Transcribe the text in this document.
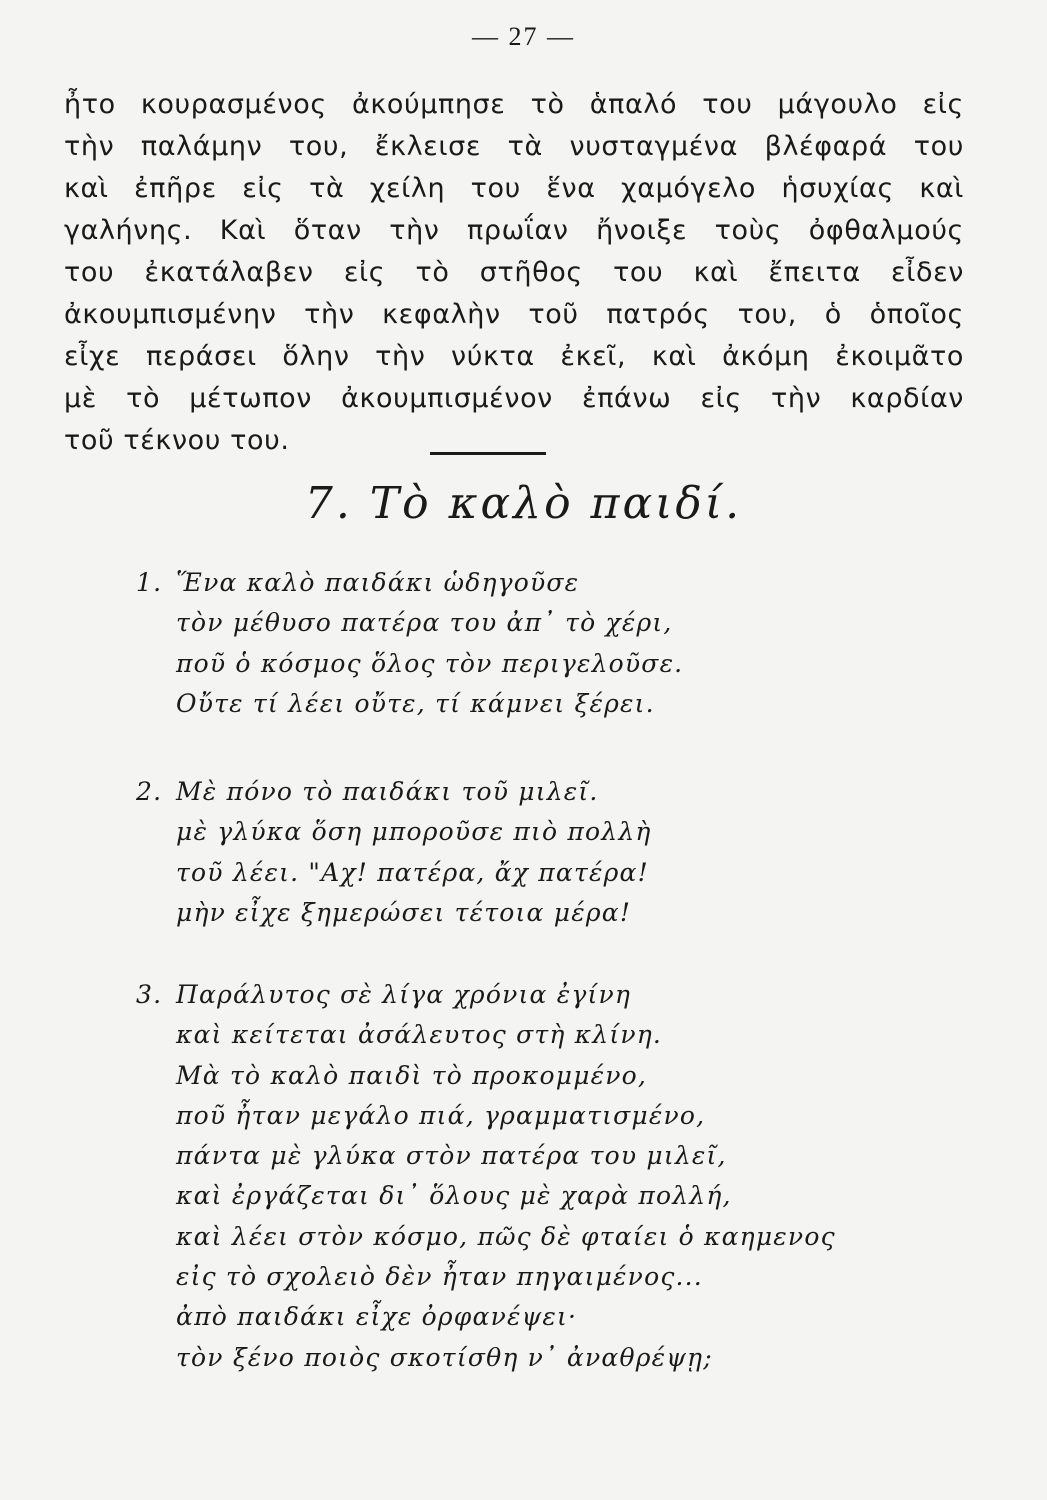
— 27 —
ἦτο κουρασμένος ἀκούμπησε τὸ ἁπαλό του μάγουλο εἰς
τὴν παλάμην του, ἔκλεισε τὰ νυσταγμένα βλέφαρά του
καὶ ἐπῆρε εἰς τὰ χείλη του ἕνα χαμόγελο ἡσυχίας καὶ
γαλήνης. Καὶ ὅταν τὴν πρωΐαν ἤνοιξε τοὺς ὀφθαλμούς
του ἐκατάλαβεν εἰς τὸ στῆθος του καὶ ἔπειτα εἶδεν
ἀκουμπισμένην τὴν κεφαλὴν τοῦ πατρός του, ὁ ὁποῖος
εἶχε περάσει ὅλην τὴν νύκτα ἐκεῖ, καὶ ἀκόμη ἐκοιμᾶτο
μὲ τὸ μέτωπον ἀκουμπισμένον ἐπάνω εἰς τὴν καρδίαν
τοῦ τέκνου του.
7. Τὸ καλὸ παιδί.
1. Ἕνα καλὸ παιδάκι ὡδηγοῦσε
τὸν μέθυσο πατέρα του ἀπ᾿ τὸ χέρι,
ποῦ ὁ κόσμος ὅλος τὸν περιγελοῦσε.
Οὔτε τί λέει οὔτε, τί κάμνει ξέρει.
2. Μὲ πόνο τὸ παιδάκι τοῦ μιλεῖ.
μὲ γλύκα ὅση μποροῦσε πιὸ πολλὴ
τοῦ λέει. "Αχ! πατέρα, ἄχ πατέρα!
μὴν εἶχε ξημερώσει τέτοια μέρα!
3. Παράλυτος σὲ λίγα χρόνια ἐγίνη
καὶ κείτεται ἀσάλευτος στὴ κλίνη.
Μὰ τὸ καλὸ παιδὶ τὸ προκομμένο,
ποῦ ἦταν μεγάλο πιά, γραμματισμένο,
πάντα μὲ γλύκα στὸν πατέρα του μιλεῖ,
καὶ ἐργάζεται δι᾿ ὅλους μὲ χαρὰ πολλή,
καὶ λέει στὸν κόσμο, πῶς δὲ φταίει ὁ καημενος
εἰς τὸ σχολειὸ δὲν ἦταν πηγαιμένος...
ἀπὸ παιδάκι εἶχε ὀρφανέψει·
τὸν ξένο ποιὸς σκοτίσθη ν᾿ ἀναθρέψῃ;
